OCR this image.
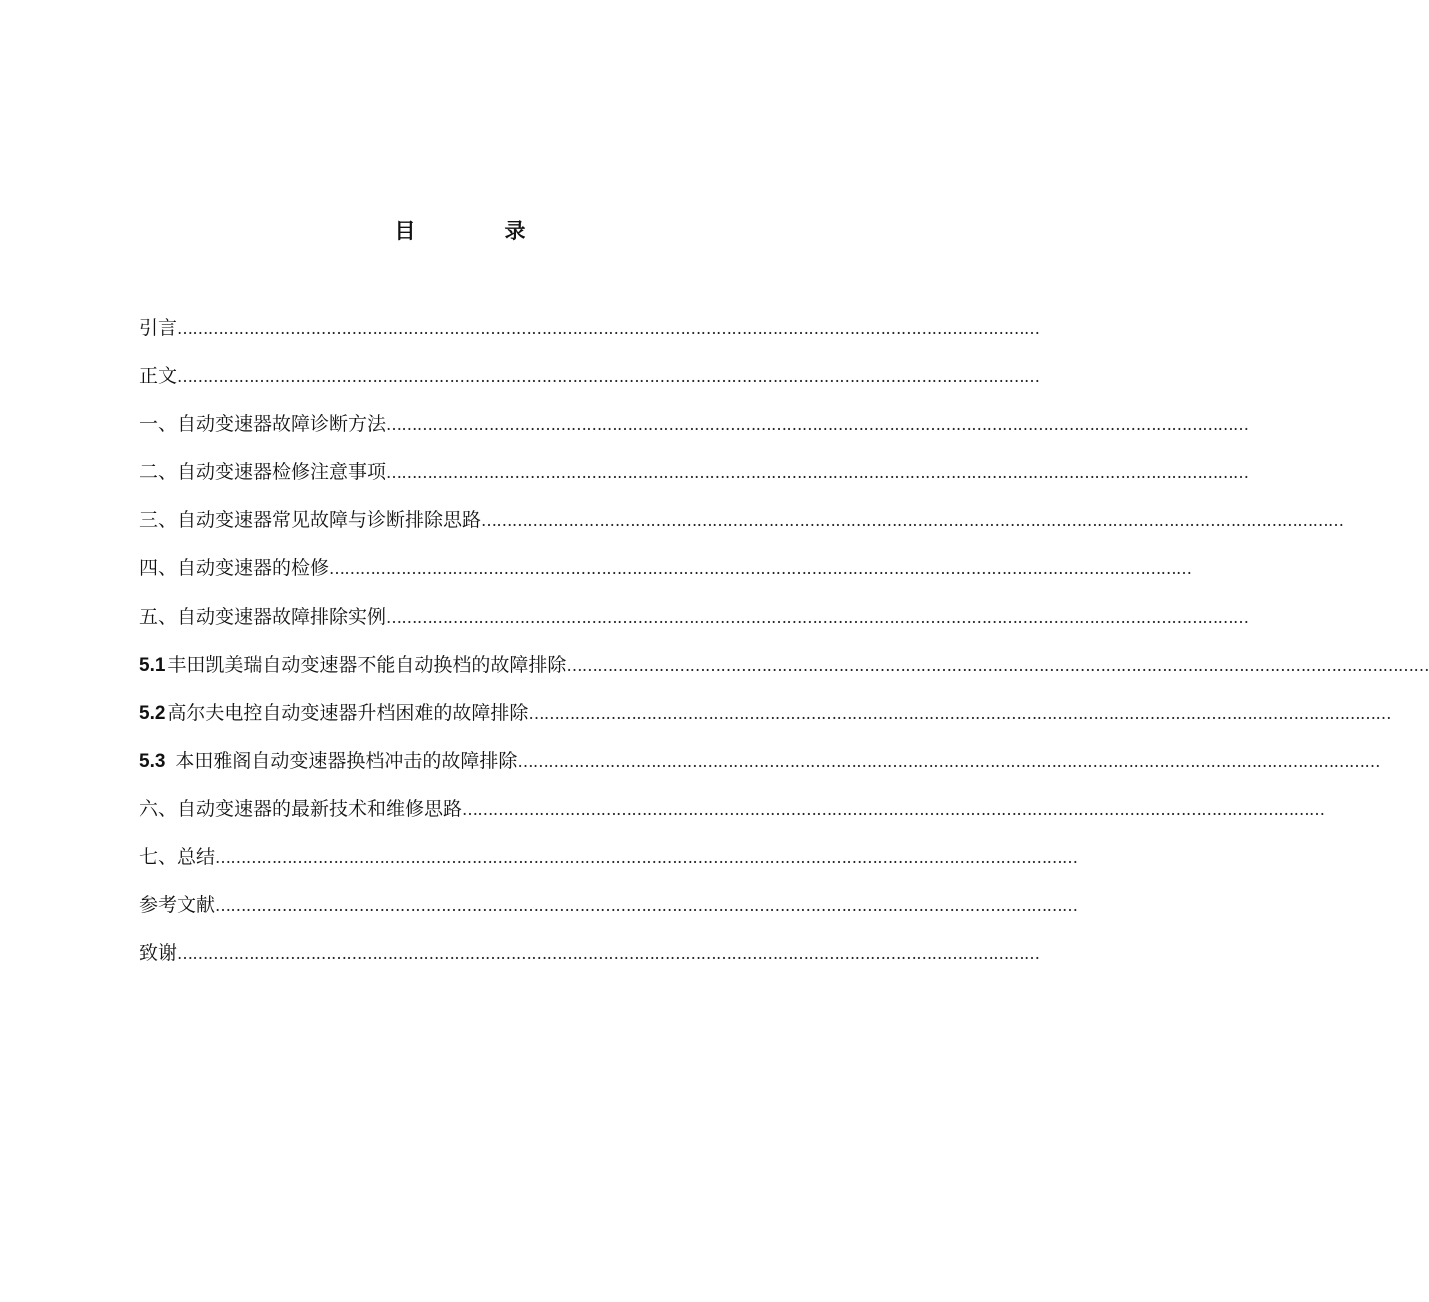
目　录
引言 ……………………………………………………………………………………………………………………………………………………
正文 ……………………………………………………………………………………………………………………………………………………
一、自动变速器故障诊断方法 ……………………………………………………………………………………………………………………………………………………
二、自动变速器检修注意事项 ……………………………………………………………………………………………………………………………………………………
三、自动变速器常见故障与诊断排除思路 ……………………………………………………………………………………………………………………………………………………
四、自动变速器的检修 ……………………………………………………………………………………………………………………………………………………
五、自动变速器故障排除实例 ……………………………………………………………………………………………………………………………………………………
5.1 丰田凯美瑞自动变速器不能自动换档的故障排除 ……………………………………………………………………………………………………………………………………………………
5.2 高尔夫电控自动变速器升档困难的故障排除 ……………………………………………………………………………………………………………………………………………………
5.3 本田雅阁自动变速器换档冲击的故障排除 ……………………………………………………………………………………………………………………………………………………
六、自动变速器的最新技术和维修思路 ……………………………………………………………………………………………………………………………………………………
七、总结 ……………………………………………………………………………………………………………………………………………………
参考文献 ……………………………………………………………………………………………………………………………………………………
致谢 ……………………………………………………………………………………………………………………………………………………
